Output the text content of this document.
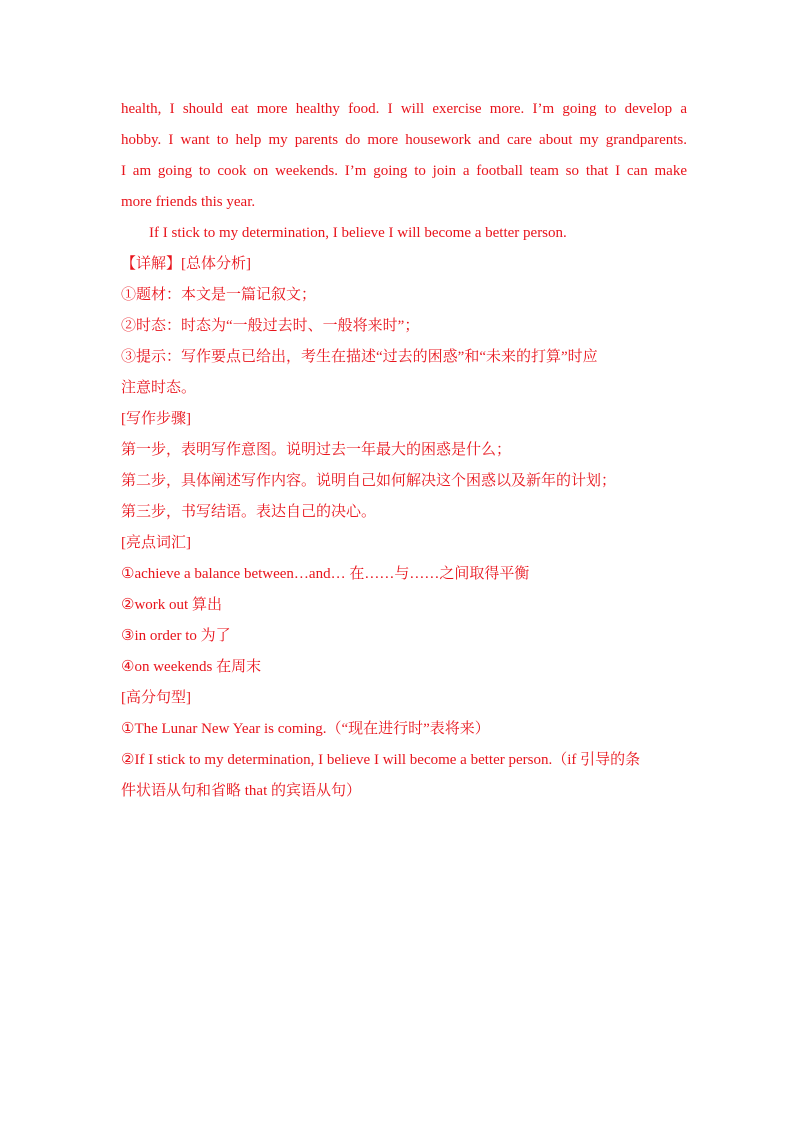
health, I should eat more healthy food. I will exercise more. I’m going to develop a
hobby. I want to help my parents do more housework and care about my grandparents.
I am going to cook on weekends. I’m going to join a football team so that I can make
more friends this year.
If I stick to my determination, I believe I will become a better person.
【详解】[总体分析]
①题材：本文是一篇记叙文；
②时态：时态为“一般过去时、一般将来时”；
③提示：写作要点已给出，考生在描述“过去的困惑”和“未来的打算”时应
注意时态。
[写作步骤]
第一步，表明写作意图。说明过去一年最大的困惑是什么；
第二步，具体阐述写作内容。说明自己如何解决这个困惑以及新年的计划；
第三步，书写结语。表达自己的决心。
[亮点词汇]
①achieve a balance between…and… 在……与……之间取得平衡
②work out 算出
③in order to 为了
④on weekends 在周末
[高分句型]
①The Lunar New Year is coming.（“现在进行时”表将来）
②If I stick to my determination, I believe I will become a better person.（if 引导的条
件状语从句和省略 that 的宾语从句）
